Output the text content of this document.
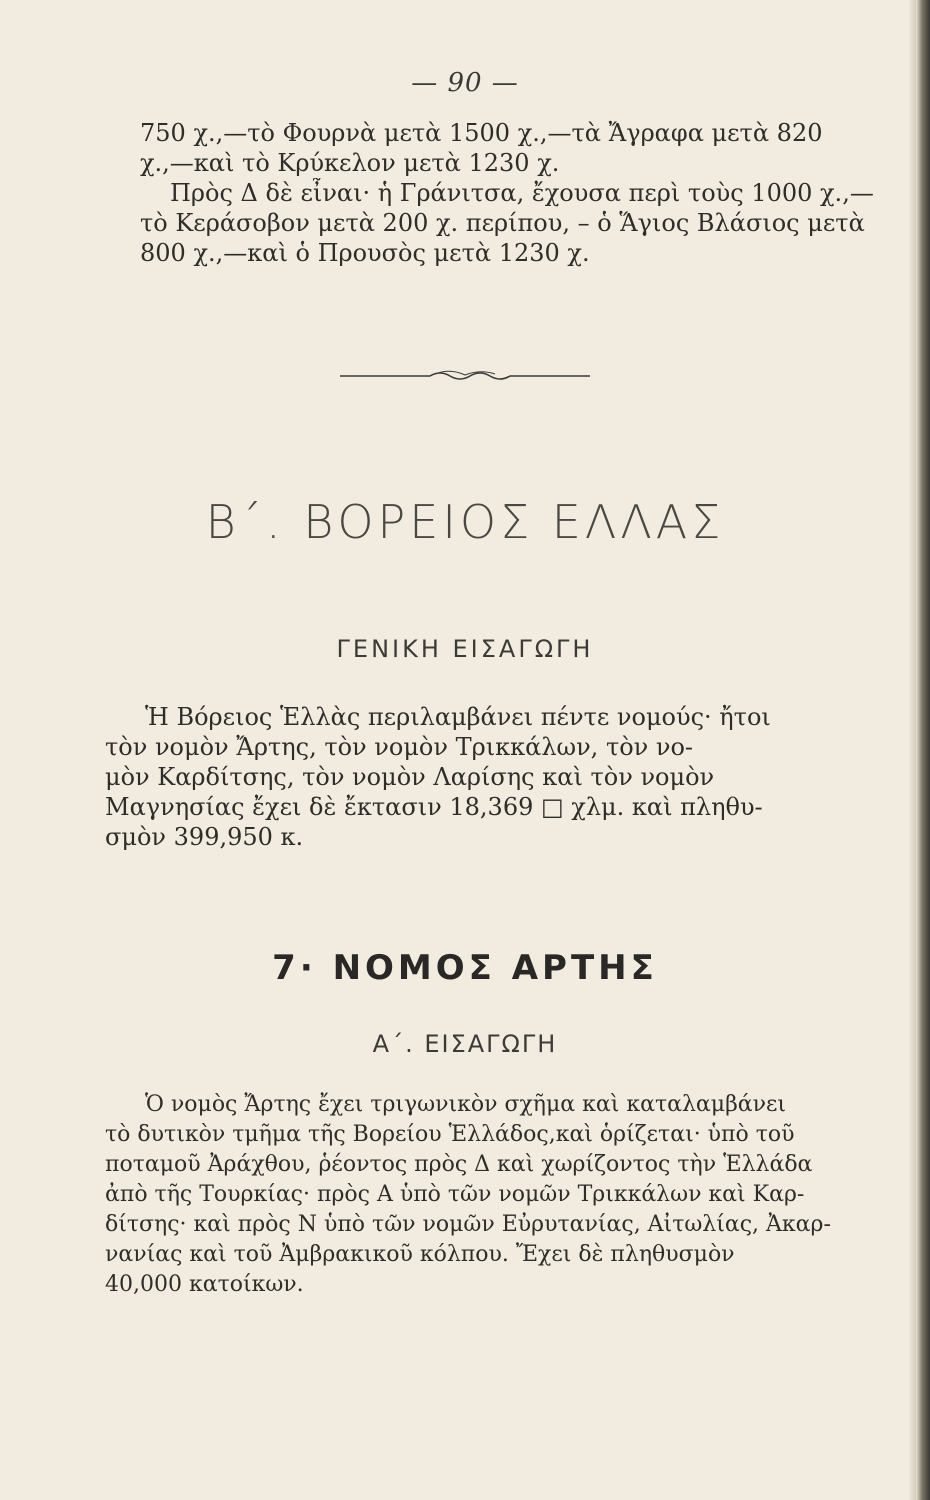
— 90 —
750 χ.,—τὸ Φουρνὰ μετὰ 1500 χ.,—τὰ Ἄγραφα μετὰ 820
χ.,—καὶ τὸ Κρύκελον μετὰ 1230 χ.
Πρὸς Δ δὲ εἶναι· ἡ Γράνιτσα, ἔχουσα περὶ τοὺς 1000 χ.,—
τὸ Κεράσοβον μετὰ 200 χ. περίπου, – ὁ Ἅγιος Βλάσιος μετὰ
800 χ.,—καὶ ὁ Προυσὸς μετὰ 1230 χ.
Β΄. ΒΟΡΕΙΟΣ ΕΛΛΑΣ
ΓΕΝΙΚΗ ΕΙΣΑΓΩΓΗ
Ἡ Βόρειος Ἑλλὰς περιλαμβάνει πέντε νομούς· ἤτοι
τὸν νομὸν Ἄρτης, τὸν νομὸν Τρικκάλων, τὸν νο-
μὸν Καρδίτσης, τὸν νομὸν Λαρίσης καὶ τὸν νομὸν
Μαγνησίας ἔχει δὲ ἔκτασιν 18,369 □ χλμ. καὶ πληθυ-
σμὸν 399,950 κ.
7· ΝΟΜΟΣ ΑΡΤΗΣ
Α΄. ΕΙΣΑΓΩΓΗ
Ὁ νομὸς Ἄρτης ἔχει τριγωνικὸν σχῆμα καὶ καταλαμβάνει
τὸ δυτικὸν τμῆμα τῆς Βορείου Ἑλλάδος,καὶ ὁρίζεται· ὑπὸ τοῦ
ποταμοῦ Ἀράχθου, ῥέοντος πρὸς Δ καὶ χωρίζοντος τὴν Ἑλλάδα
ἀπὸ τῆς Τουρκίας· πρὸς Α ὑπὸ τῶν νομῶν Τρικκάλων καὶ Καρ-
δίτσης· καὶ πρὸς Ν ὑπὸ τῶν νομῶν Εὐρυτανίας, Αἰτωλίας, Ἀκαρ-
νανίας καὶ τοῦ Ἀμβρακικοῦ κόλπου. Ἔχει δὲ πληθυσμὸν
40,000 κατοίκων.
